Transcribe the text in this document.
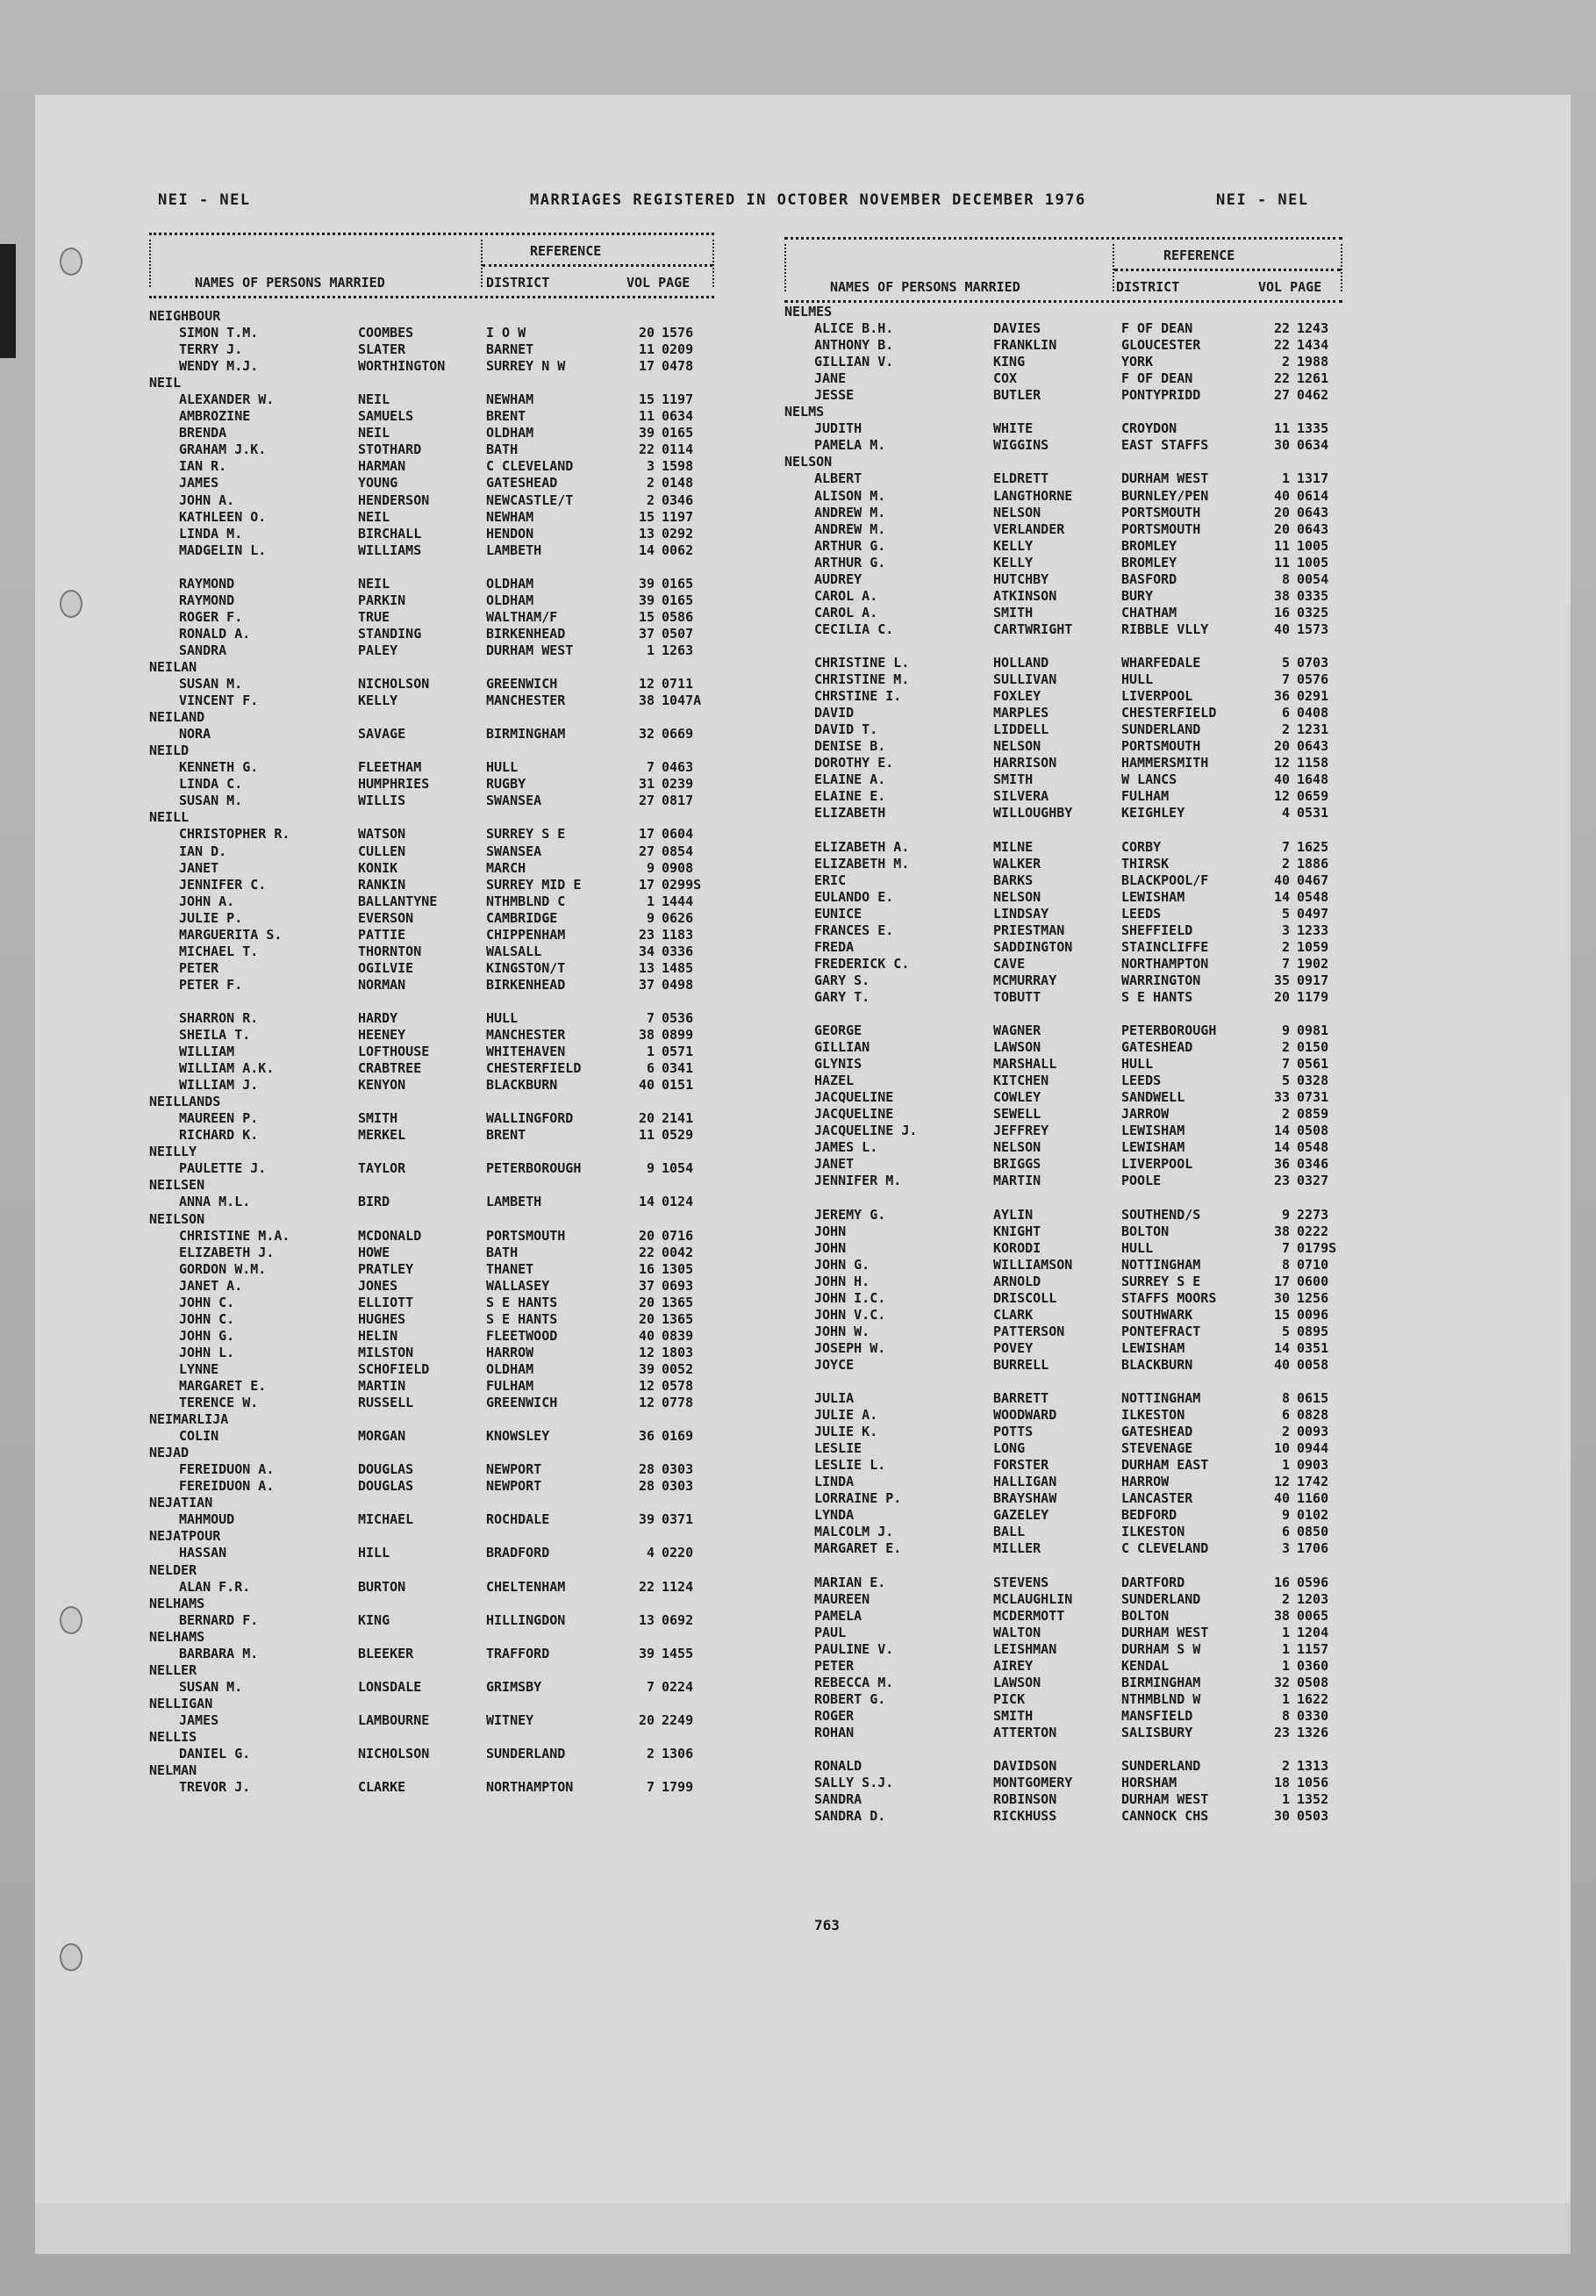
NEI - NEL	MARRIAGES REGISTERED IN OCTOBER NOVEMBER DECEMBER 1976	NEI - NEL
REFERENCE
NAMES OF PERSONS MARRIED	DISTRICT	VOL PAGE
NEIGHBOUR
SIMON T.M.	COOMBES	I O W	20 1576
TERRY J.	SLATER	BARNET	11 0209
WENDY M.J.	WORTHINGTON	SURREY N W	17 0478
NEIL
ALEXANDER W.	NEIL	NEWHAM	15 1197
AMBROZINE	SAMUELS	BRENT	11 0634
BRENDA	NEIL	OLDHAM	39 0165
GRAHAM J.K.	STOTHARD	BATH	22 0114
IAN R.	HARMAN	C CLEVELAND	3 1598
JAMES	YOUNG	GATESHEAD	2 0148
JOHN A.	HENDERSON	NEWCASTLE/T	2 0346
KATHLEEN O.	NEIL	NEWHAM	15 1197
LINDA M.	BIRCHALL	HENDON	13 0292
MADGELIN L.	WILLIAMS	LAMBETH	14 0062
RAYMOND	NEIL	OLDHAM	39 0165
RAYMOND	PARKIN	OLDHAM	39 0165
ROGER F.	TRUE	WALTHAM/F	15 0586
RONALD A.	STANDING	BIRKENHEAD	37 0507
SANDRA	PALEY	DURHAM WEST	1 1263
NEILAN
SUSAN M.	NICHOLSON	GREENWICH	12 0711
VINCENT F.	KELLY	MANCHESTER	38 1047A
NEILAND
NORA	SAVAGE	BIRMINGHAM	32 0669
NEILD
KENNETH G.	FLEETHAM	HULL	7 0463
LINDA C.	HUMPHRIES	RUGBY	31 0239
SUSAN M.	WILLIS	SWANSEA	27 0817
NEILL
CHRISTOPHER R.	WATSON	SURREY S E	17 0604
IAN D.	CULLEN	SWANSEA	27 0854
JANET	KONIK	MARCH	9 0908
JENNIFER C.	RANKIN	SURREY MID E	17 0299S
JOHN A.	BALLANTYNE	NTHMBLND C	1 1444
JULIE P.	EVERSON	CAMBRIDGE	9 0626
MARGUERITA S.	PATTIE	CHIPPENHAM	23 1183
MICHAEL T.	THORNTON	WALSALL	34 0336
PETER	OGILVIE	KINGSTON/T	13 1485
PETER F.	NORMAN	BIRKENHEAD	37 0498
SHARRON R.	HARDY	HULL	7 0536
SHEILA T.	HEENEY	MANCHESTER	38 0899
WILLIAM	LOFTHOUSE	WHITEHAVEN	1 0571
WILLIAM A.K.	CRABTREE	CHESTERFIELD	6 0341
WILLIAM J.	KENYON	BLACKBURN	40 0151
NEILLANDS
MAUREEN P.	SMITH	WALLINGFORD	20 2141
RICHARD K.	MERKEL	BRENT	11 0529
NEILLY
PAULETTE J.	TAYLOR	PETERBOROUGH	9 1054
NEILSEN
ANNA M.L.	BIRD	LAMBETH	14 0124
NEILSON
CHRISTINE M.A.	MCDONALD	PORTSMOUTH	20 0716
ELIZABETH J.	HOWE	BATH	22 0042
GORDON W.M.	PRATLEY	THANET	16 1305
JANET A.	JONES	WALLASEY	37 0693
JOHN C.	ELLIOTT	S E HANTS	20 1365
JOHN C.	HUGHES	S E HANTS	20 1365
JOHN G.	HELIN	FLEETWOOD	40 0839
JOHN L.	MILSTON	HARROW	12 1803
LYNNE	SCHOFIELD	OLDHAM	39 0052
MARGARET E.	MARTIN	FULHAM	12 0578
TERENCE W.	RUSSELL	GREENWICH	12 0778
NEIMARLIJA
COLIN	MORGAN	KNOWSLEY	36 0169
NEJAD
FEREIDUON A.	DOUGLAS	NEWPORT	28 0303
FEREIDUON A.	DOUGLAS	NEWPORT	28 0303
NEJATIAN
MAHMOUD	MICHAEL	ROCHDALE	39 0371
NEJATPOUR
HASSAN	HILL	BRADFORD	4 0220
NELDER
ALAN F.R.	BURTON	CHELTENHAM	22 1124
NELHAMS
BERNARD F.	KING	HILLINGDON	13 0692
NELHAMS
BARBARA M.	BLEEKER	TRAFFORD	39 1455
NELLER
SUSAN M.	LONSDALE	GRIMSBY	7 0224
NELLIGAN
JAMES	LAMBOURNE	WITNEY	20 2249
NELLIS
DANIEL G.	NICHOLSON	SUNDERLAND	2 1306
NELMAN
TREVOR J.	CLARKE	NORTHAMPTON	7 1799
REFERENCE
NAMES OF PERSONS MARRIED	DISTRICT	VOL PAGE
NELMES
ALICE B.H.	DAVIES	F OF DEAN	22 1243
ANTHONY B.	FRANKLIN	GLOUCESTER	22 1434
GILLIAN V.	KING	YORK	2 1988
JANE	COX	F OF DEAN	22 1261
JESSE	BUTLER	PONTYPRIDD	27 0462
NELMS
JUDITH	WHITE	CROYDON	11 1335
PAMELA M.	WIGGINS	EAST STAFFS	30 0634
NELSON
ALBERT	ELDRETT	DURHAM WEST	1 1317
ALISON M.	LANGTHORNE	BURNLEY/PEN	40 0614
ANDREW M.	NELSON	PORTSMOUTH	20 0643
ANDREW M.	VERLANDER	PORTSMOUTH	20 0643
ARTHUR G.	KELLY	BROMLEY	11 1005
ARTHUR G.	KELLY	BROMLEY	11 1005
AUDREY	HUTCHBY	BASFORD	8 0054
CAROL A.	ATKINSON	BURY	38 0335
CAROL A.	SMITH	CHATHAM	16 0325
CECILIA C.	CARTWRIGHT	RIBBLE VLLY	40 1573
CHRISTINE L.	HOLLAND	WHARFEDALE	5 0703
CHRISTINE M.	SULLIVAN	HULL	7 0576
CHRSTINE I.	FOXLEY	LIVERPOOL	36 0291
DAVID	MARPLES	CHESTERFIELD	6 0408
DAVID T.	LIDDELL	SUNDERLAND	2 1231
DENISE B.	NELSON	PORTSMOUTH	20 0643
DOROTHY E.	HARRISON	HAMMERSMITH	12 1158
ELAINE A.	SMITH	W LANCS	40 1648
ELAINE E.	SILVERA	FULHAM	12 0659
ELIZABETH	WILLOUGHBY	KEIGHLEY	4 0531
ELIZABETH A.	MILNE	CORBY	7 1625
ELIZABETH M.	WALKER	THIRSK	2 1886
ERIC	BARKS	BLACKPOOL/F	40 0467
EULANDO E.	NELSON	LEWISHAM	14 0548
EUNICE	LINDSAY	LEEDS	5 0497
FRANCES E.	PRIESTMAN	SHEFFIELD	3 1233
FREDA	SADDINGTON	STAINCLIFFE	2 1059
FREDERICK C.	CAVE	NORTHAMPTON	7 1902
GARY S.	MCMURRAY	WARRINGTON	35 0917
GARY T.	TOBUTT	S E HANTS	20 1179
GEORGE	WAGNER	PETERBOROUGH	9 0981
GILLIAN	LAWSON	GATESHEAD	2 0150
GLYNIS	MARSHALL	HULL	7 0561
HAZEL	KITCHEN	LEEDS	5 0328
JACQUELINE	COWLEY	SANDWELL	33 0731
JACQUELINE	SEWELL	JARROW	2 0859
JACQUELINE J.	JEFFREY	LEWISHAM	14 0508
JAMES L.	NELSON	LEWISHAM	14 0548
JANET	BRIGGS	LIVERPOOL	36 0346
JENNIFER M.	MARTIN	POOLE	23 0327
JEREMY G.	AYLIN	SOUTHEND/S	9 2273
JOHN	KNIGHT	BOLTON	38 0222
JOHN	KORODI	HULL	7 0179S
JOHN G.	WILLIAMSON	NOTTINGHAM	8 0710
JOHN H.	ARNOLD	SURREY S E	17 0600
JOHN I.C.	DRISCOLL	STAFFS MOORS	30 1256
JOHN V.C.	CLARK	SOUTHWARK	15 0096
JOHN W.	PATTERSON	PONTEFRACT	5 0895
JOSEPH W.	POVEY	LEWISHAM	14 0351
JOYCE	BURRELL	BLACKBURN	40 0058
JULIA	BARRETT	NOTTINGHAM	8 0615
JULIE A.	WOODWARD	ILKESTON	6 0828
JULIE K.	POTTS	GATESHEAD	2 0093
LESLIE	LONG	STEVENAGE	10 0944
LESLIE L.	FORSTER	DURHAM EAST	1 0903
LINDA	HALLIGAN	HARROW	12 1742
LORRAINE P.	BRAYSHAW	LANCASTER	40 1160
LYNDA	GAZELEY	BEDFORD	9 0102
MALCOLM J.	BALL	ILKESTON	6 0850
MARGARET E.	MILLER	C CLEVELAND	3 1706
MARIAN E.	STEVENS	DARTFORD	16 0596
MAUREEN	MCLAUGHLIN	SUNDERLAND	2 1203
PAMELA	MCDERMOTT	BOLTON	38 0065
PAUL	WALTON	DURHAM WEST	1 1204
PAULINE V.	LEISHMAN	DURHAM S W	1 1157
PETER	AIREY	KENDAL	1 0360
REBECCA M.	LAWSON	BIRMINGHAM	32 0508
ROBERT G.	PICK	NTHMBLND W	1 1622
ROGER	SMITH	MANSFIELD	8 0330
ROHAN	ATTERTON	SALISBURY	23 1326
RONALD	DAVIDSON	SUNDERLAND	2 1313
SALLY S.J.	MONTGOMERY	HORSHAM	18 1056
SANDRA	ROBINSON	DURHAM WEST	1 1352
SANDRA D.	RICKHUSS	CANNOCK CHS	30 0503
763
